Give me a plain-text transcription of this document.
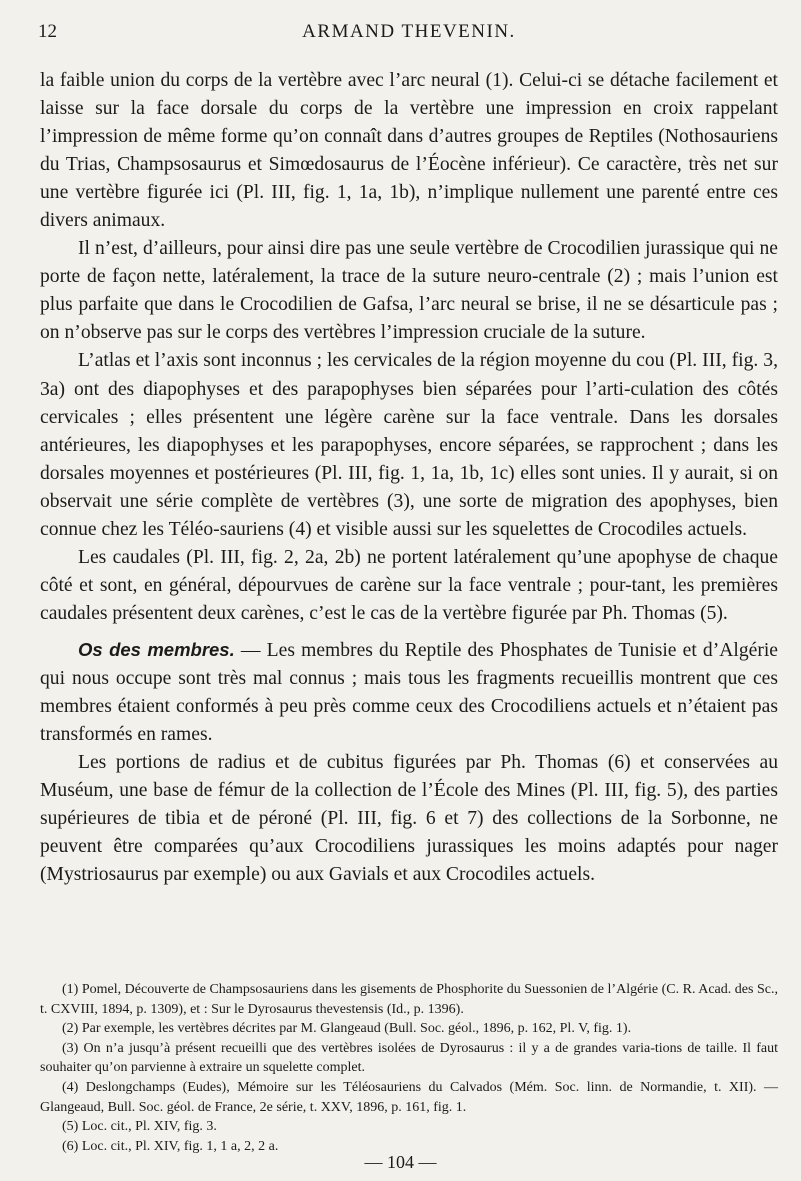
12	ARMAND THEVENIN.

la faible union du corps de la vertèbre avec l’arc neural (1). Celui-ci se détache facilement et laisse sur la face dorsale du corps de la vertèbre une impression en croix rappelant l’impression de même forme qu’on connaît dans d’autres groupes de Reptiles (Nothosauriens du Trias, Champsosaurus et Simœdosaurus de l’Éocène inférieur). Ce caractère, très net sur une vertèbre figurée ici (Pl. III, fig. 1, 1a, 1b), n’implique nullement une parenté entre ces divers animaux.

Il n’est, d’ailleurs, pour ainsi dire pas une seule vertèbre de Crocodilien jurassique qui ne porte de façon nette, latéralement, la trace de la suture neuro-centrale (2) ; mais l’union est plus parfaite que dans le Crocodilien de Gafsa, l’arc neural se brise, il ne se désarticule pas ; on n’observe pas sur le corps des vertèbres l’impression cruciale de la suture.

L’atlas et l’axis sont inconnus ; les cervicales de la région moyenne du cou (Pl. III, fig. 3, 3a) ont des diapophyses et des parapophyses bien séparées pour l’arti-culation des côtés cervicales ; elles présentent une légère carène sur la face ventrale. Dans les dorsales antérieures, les diapophyses et les parapophyses, encore séparées, se rapprochent ; dans les dorsales moyennes et postérieures (Pl. III, fig. 1, 1a, 1b, 1c) elles sont unies. Il y aurait, si on observait une série complète de vertèbres (3), une sorte de migration des apophyses, bien connue chez les Téléo-sauriens (4) et visible aussi sur les squelettes de Crocodiles actuels.

Les caudales (Pl. III, fig. 2, 2a, 2b) ne portent latéralement qu’une apophyse de chaque côté et sont, en général, dépourvues de carène sur la face ventrale ; pour-tant, les premières caudales présentent deux carènes, c’est le cas de la vertèbre figurée par Ph. Thomas (5).

Os des membres. — Les membres du Reptile des Phosphates de Tunisie et d’Algérie qui nous occupe sont très mal connus ; mais tous les fragments recueillis montrent que ces membres étaient conformés à peu près comme ceux des Crocodiliens actuels et n’étaient pas transformés en rames.

Les portions de radius et de cubitus figurées par Ph. Thomas (6) et conservées au Muséum, une base de fémur de la collection de l’École des Mines (Pl. III, fig. 5), des parties supérieures de tibia et de péroné (Pl. III, fig. 6 et 7) des collections de la Sorbonne, ne peuvent être comparées qu’aux Crocodiliens jurassiques les moins adaptés pour nager (Mystriosaurus par exemple) ou aux Gavials et aux Crocodiles actuels.

(1) Pomel, Découverte de Champsosauriens dans les gisements de Phosphorite du Suessonien de l’Algérie (C. R. Acad. des Sc., t. CXVIII, 1894, p. 1309), et : Sur le Dyrosaurus thevestensis (Id., p. 1396).

(2) Par exemple, les vertèbres décrites par M. Glangeaud (Bull. Soc. géol., 1896, p. 162, Pl. V, fig. 1).

(3) On n’a jusqu’à présent recueilli que des vertèbres isolées de Dyrosaurus : il y a de grandes varia-tions de taille. Il faut souhaiter qu’on parvienne à extraire un squelette complet.

(4) Deslongchamps (Eudes), Mémoire sur les Téléosauriens du Calvados (Mém. Soc. linn. de Normandie, t. XII). — Glangeaud, Bull. Soc. géol. de France, 2e série, t. XXV, 1896, p. 161, fig. 1.

(5) Loc. cit., Pl. XIV, fig. 3.

(6) Loc. cit., Pl. XIV, fig. 1, 1 a, 2, 2 a.

— 104 —
